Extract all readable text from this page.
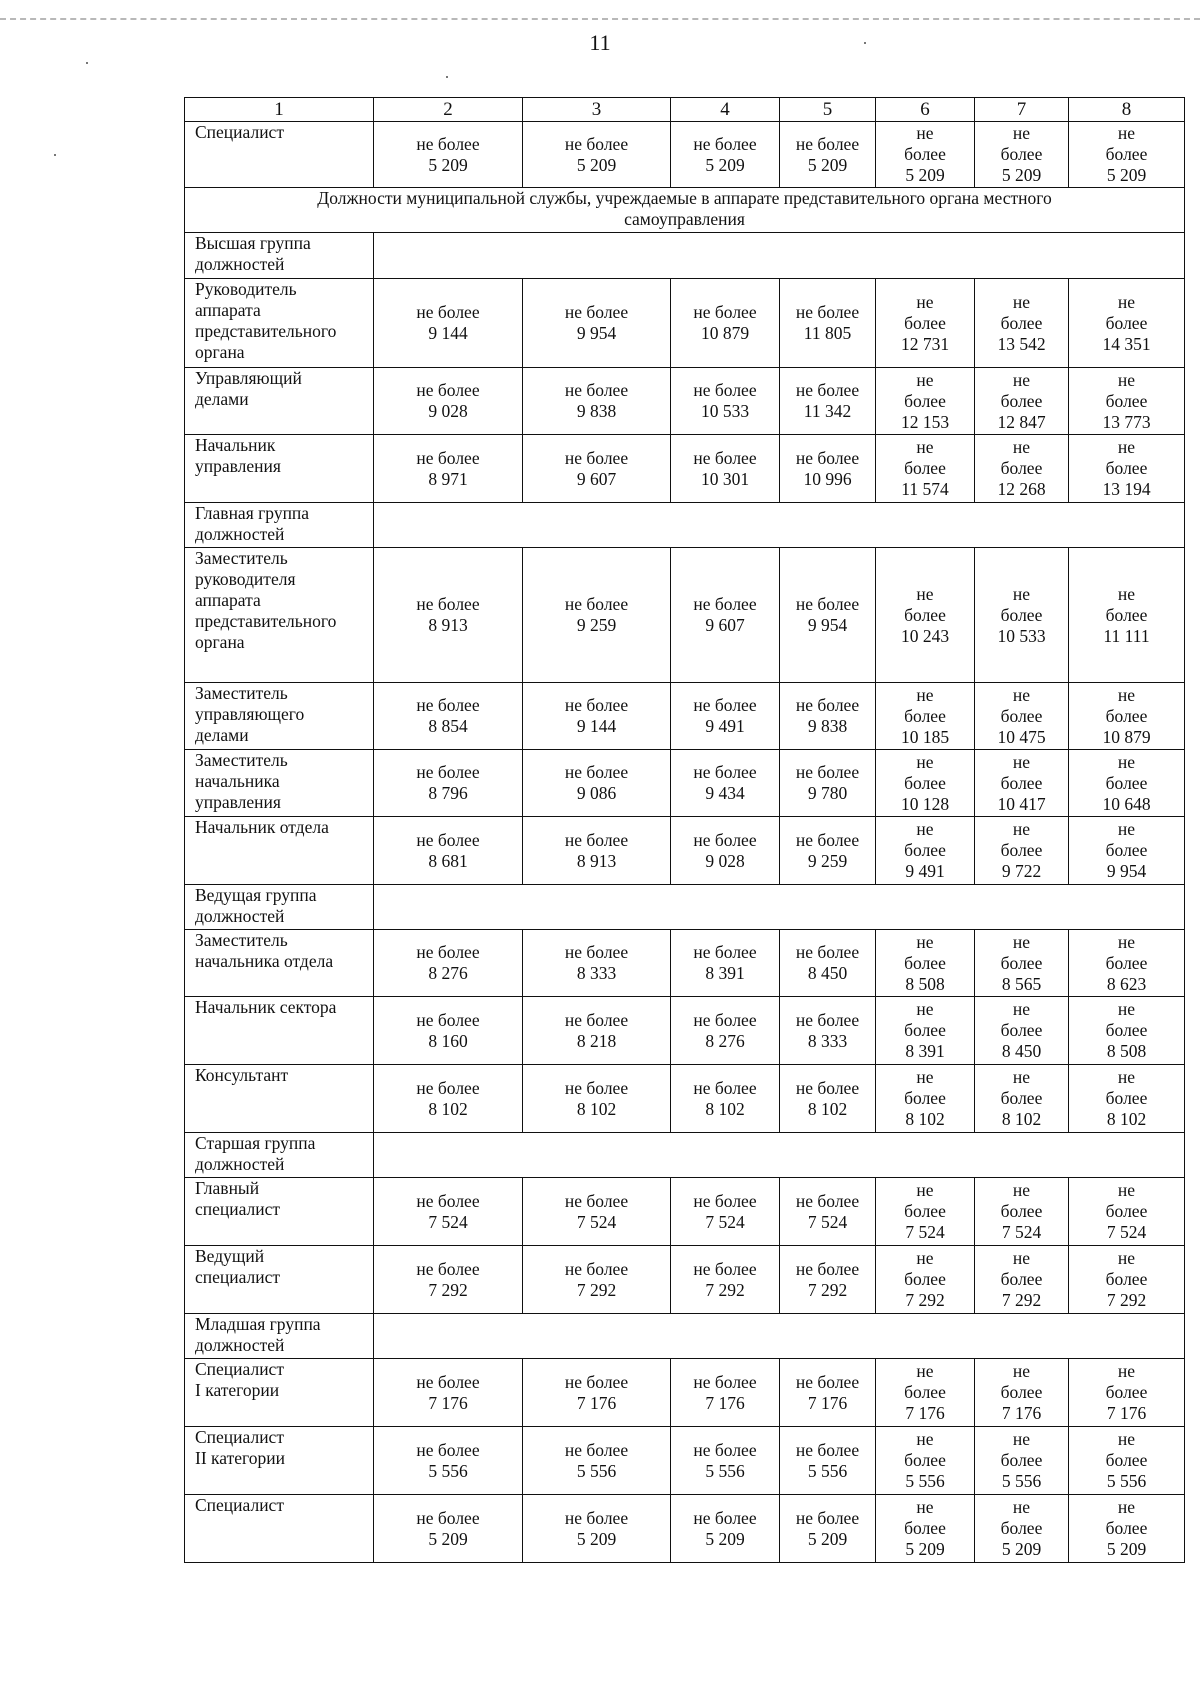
11
1	2	3	4	5	6	7	8

Специалист	не более
5 209	не более
5 209	не более
5 209	не более
5 209	не
более
5 209	не
более
5 209	не
более
5 209

Должности муниципальной службы, учреждаемые в аппарате представительного органа местного
самоуправления							

Высшая группа
должностей							

Руководитель
аппарата
представительного
органа	не более
9 144	не более
9 954	не более
10 879	не более
11 805	не
более
12 731	не
более
13 542	не
более
14 351

Управляющий
делами	не более
9 028	не более
9 838	не более
10 533	не более
11 342	не
более
12 153	не
более
12 847	не
более
13 773

Начальник
управления	не более
8 971	не более
9 607	не более
10 301	не более
10 996	не
более
11 574	не
более
12 268	не
более
13 194

Главная группа
должностей							

Заместитель
руководителя
аппарата
представительного
органа	не более
8 913	не более
9 259	не более
9 607	не более
9 954	не
более
10 243	не
более
10 533	не
более
11 111

Заместитель
управляющего
делами	не более
8 854	не более
9 144	не более
9 491	не более
9 838	не
более
10 185	не
более
10 475	не
более
10 879

Заместитель
начальника
управления	не более
8 796	не более
9 086	не более
9 434	не более
9 780	не
более
10 128	не
более
10 417	не
более
10 648

Начальник отдела	не более
8 681	не более
8 913	не более
9 028	не более
9 259	не
более
9 491	не
более
9 722	не
более
9 954

Ведущая группа
должностей							

Заместитель
начальника отдела	не более
8 276	не более
8 333	не более
8 391	не более
8 450	не
более
8 508	не
более
8 565	не
более
8 623

Начальник сектора	не более
8 160	не более
8 218	не более
8 276	не более
8 333	не
более
8 391	не
более
8 450	не
более
8 508

Консультант	не более
8 102	не более
8 102	не более
8 102	не более
8 102	не
более
8 102	не
более
8 102	не
более
8 102

Старшая группа
должностей							

Главный
специалист	не более
7 524	не более
7 524	не более
7 524	не более
7 524	не
более
7 524	не
более
7 524	не
более
7 524

Ведущий
специалист	не более
7 292	не более
7 292	не более
7 292	не более
7 292	не
более
7 292	не
более
7 292	не
более
7 292

Младшая группа
должностей							

Специалист
I категории	не более
7 176	не более
7 176	не более
7 176	не более
7 176	не
более
7 176	не
более
7 176	не
более
7 176

Специалист
II категории	не более
5 556	не более
5 556	не более
5 556	не более
5 556	не
более
5 556	не
более
5 556	не
более
5 556

Специалист	не более
5 209	не более
5 209	не более
5 209	не более
5 209	не
более
5 209	не
более
5 209	не
более
5 209
